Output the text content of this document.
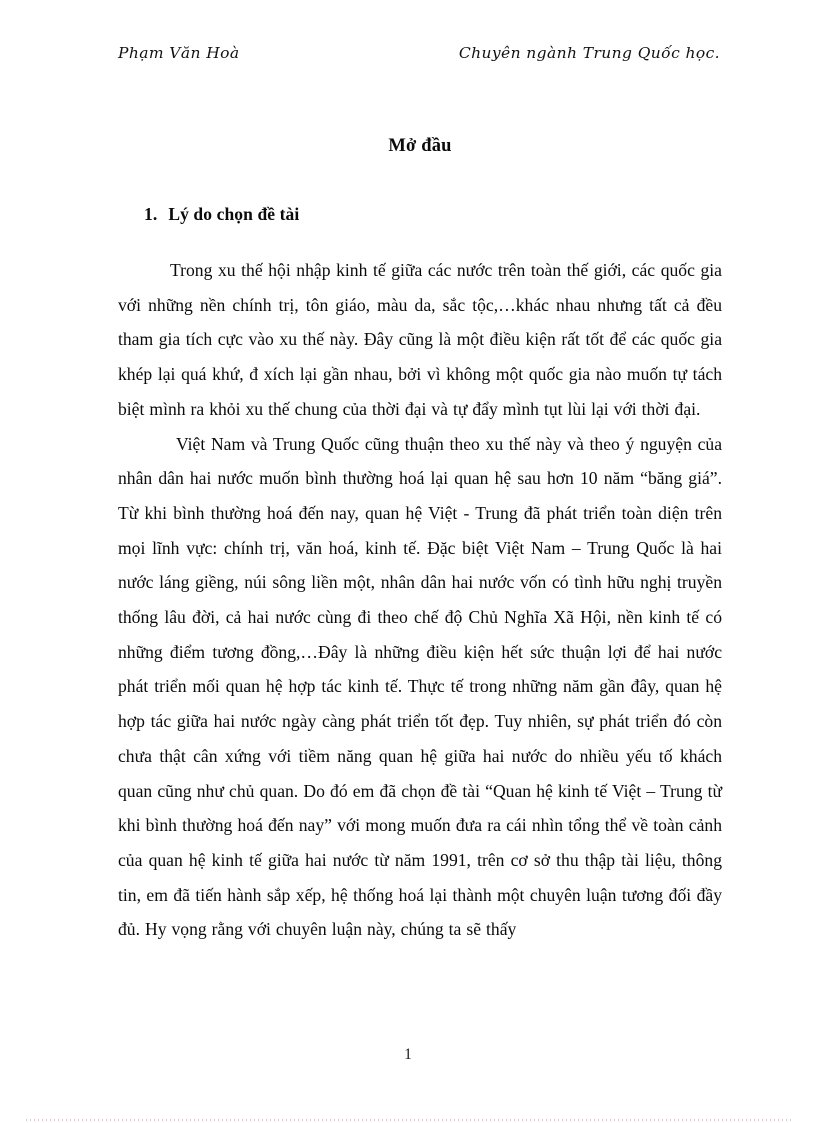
Phạm Văn Hoà	Chuyên ngành Trung Quốc học.
Mở đầu
1. Lý do chọn đề tài

Trong xu thế hội nhập kinh tế giữa các nước trên toàn thế giới, các quốc gia với những nền chính trị, tôn giáo, màu da, sắc tộc,…khác nhau nhưng tất cả đều tham gia tích cực vào xu thế này. Đây cũng là một điều kiện rất tốt để các quốc gia khép lại quá khứ, đ xích lại gần nhau, bởi vì không một quốc gia nào muốn tự tách biệt mình ra khỏi xu thế chung của thời đại và tự đẩy mình tụt lùi lại với thời đại.

Việt Nam và Trung Quốc cũng thuận theo xu thế này và theo ý nguyện của nhân dân hai nước muốn bình thường hoá lại quan hệ sau hơn 10 năm “băng giá”. Từ khi bình thường hoá đến nay, quan hệ Việt - Trung đã phát triển toàn diện trên mọi lĩnh vực: chính trị, văn hoá, kinh tế. Đặc biệt Việt Nam – Trung Quốc là hai nước láng giềng, núi sông liền một, nhân dân hai nước vốn có tình hữu nghị truyền thống lâu đời, cả hai nước cùng đi theo chế độ Chủ Nghĩa Xã Hội, nền kinh tế có những điểm tương đồng,…Đây là những điều kiện hết sức thuận lợi để hai nước phát triển mối quan hệ hợp tác kinh tế. Thực tế trong những năm gần đây, quan hệ hợp tác giữa hai nước ngày càng phát triển tốt đẹp. Tuy nhiên, sự phát triển đó còn chưa thật cân xứng với tiềm năng quan hệ giữa hai nước do nhiều yếu tố khách quan cũng như chủ quan. Do đó em đã chọn đề tài “Quan hệ kinh tế Việt – Trung từ khi bình thường hoá đến nay” với mong muốn đưa ra cái nhìn tổng thể về toàn cảnh của quan hệ kinh tế giữa hai nước từ năm 1991, trên cơ sở thu thập tài liệu, thông tin, em đã tiến hành sắp xếp, hệ thống hoá lại thành một chuyên luận tương đối đầy đủ. Hy vọng rằng với chuyên luận này, chúng ta sẽ thấy

1
